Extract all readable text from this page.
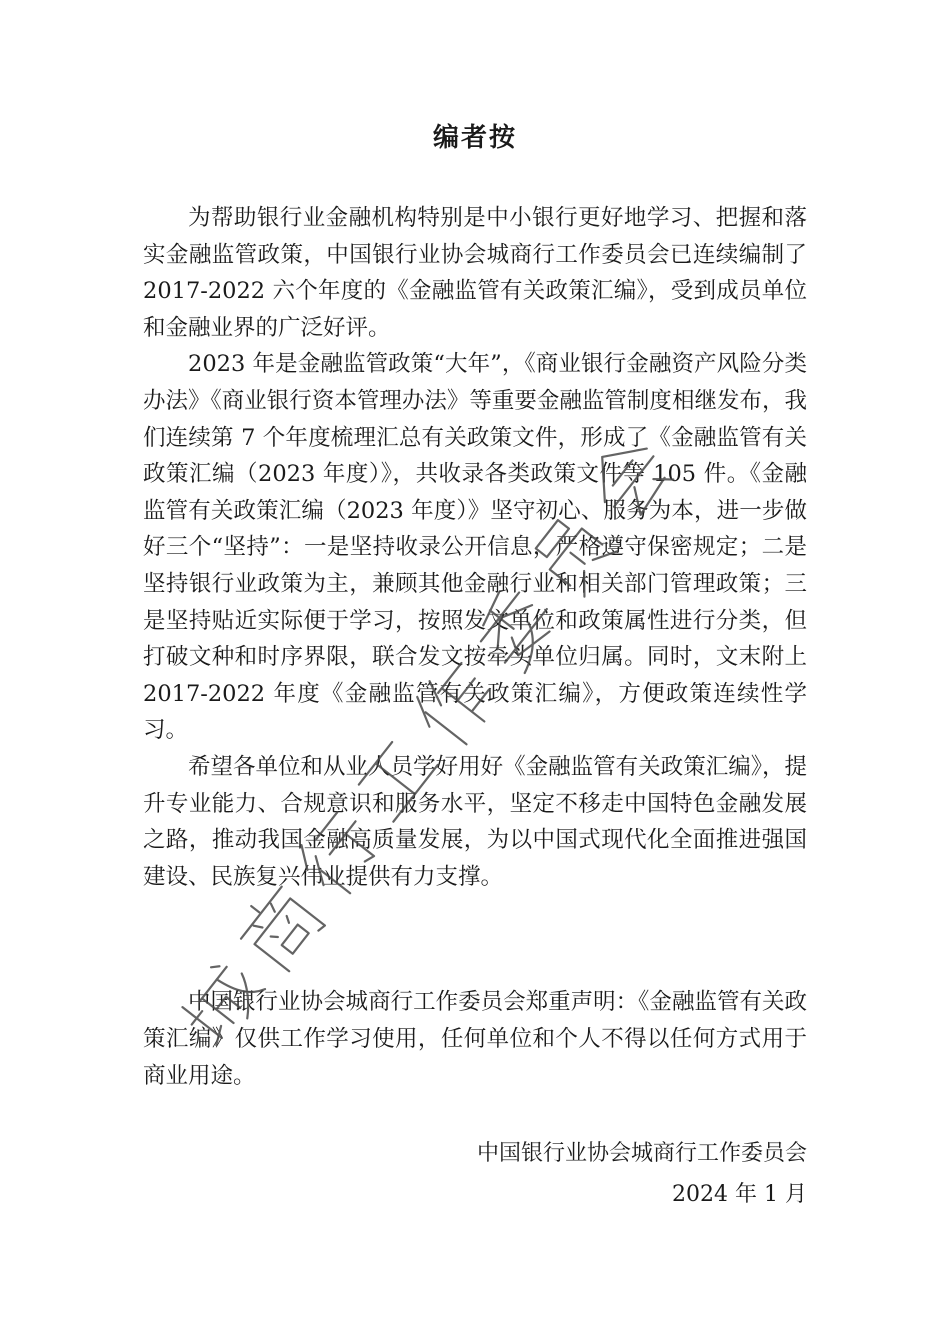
编者按

为帮助银行业金融机构特别是中小银行更好地学习、把握和落实金融监管政策，中国银行业协会城商行工作委员会已连续编制了 2017-2022 六个年度的《金融监管有关政策汇编》，受到成员单位和金融业界的广泛好评。

2023 年是金融监管政策“大年”，《商业银行金融资产风险分类办法》《商业银行资本管理办法》等重要金融监管制度相继发布，我们连续第 7 个年度梳理汇总有关政策文件，形成了《金融监管有关政策汇编（2023 年度）》，共收录各类政策文件等 105 件。《金融监管有关政策汇编（2023 年度）》坚守初心、服务为本，进一步做好三个“坚持”：一是坚持收录公开信息，严格遵守保密规定；二是坚持银行业政策为主，兼顾其他金融行业和相关部门管理政策；三是坚持贴近实际便于学习，按照发文单位和政策属性进行分类，但打破文种和时序界限，联合发文按牵头单位归属。同时，文末附上 2017-2022 年度《金融监管有关政策汇编》，方便政策连续性学习。

希望各单位和从业人员学好用好《金融监管有关政策汇编》，提升专业能力、合规意识和服务水平，坚定不移走中国特色金融发展之路，推动我国金融高质量发展，为以中国式现代化全面推进强国建设、民族复兴伟业提供有力支撑。

中国银行业协会城商行工作委员会郑重声明：《金融监管有关政策汇编》仅供工作学习使用，任何单位和个人不得以任何方式用于商业用途。

中国银行业协会城商行工作委员会
2024 年 1 月
